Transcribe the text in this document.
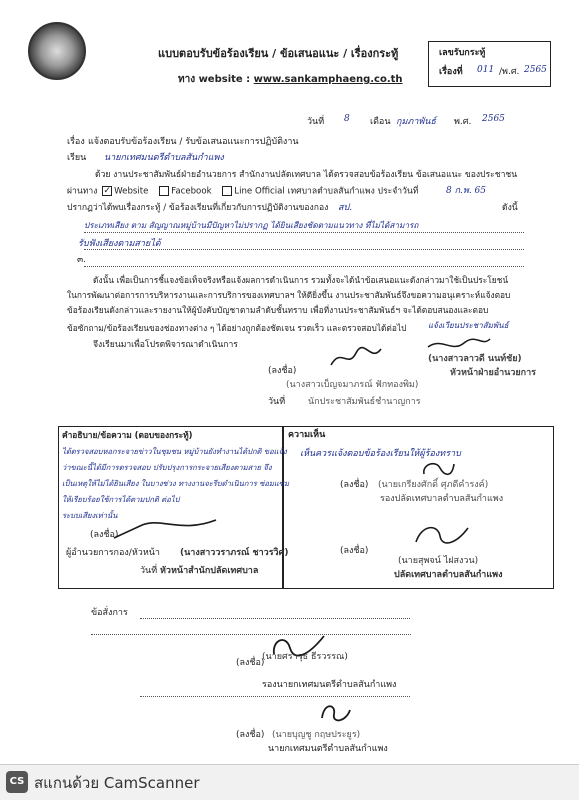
แบบตอบรับข้อร้องเรียน / ข้อเสนอแนะ / เรื่องกระทู้
ทาง website : www.sankamphaeng.co.th
เลขรับกระทู้
เรื่องที่ 011 /พ.ศ. 2565
วันที่ 8 เดือน กุมภาพันธ์ พ.ศ. 2565
เรื่อง แจ้งตอบรับข้อร้องเรียน / รับข้อเสนอแนะการปฏิบัติงาน
เรียน นายกเทศมนตรีตำบลสันกำแพง
ด้วย งานประชาสัมพันธ์ฝ่ายอำนวยการ สำนักงานปลัดเทศบาล ได้ตรวจสอบข้อร้องเรียน ข้อเสนอแนะ ของประชาชน
ผ่านทาง ✓ Website	Facebook	Line Official เทศบาลตำบลสันกำแพง ประจำวันที่	8 ก.พ. 65
ปรากฏว่าได้พบเรื่องกระทู้ / ข้อร้องเรียนที่เกี่ยวกับการปฏิบัติงานของกอง สป.	ดังนี้
ประเภทเสียง ตาม สัญญาณหมู่บ้านมีปัญหาไม่ปรากฏ ได้ยินเสียงชัดตามแนวทาง ที่ไม่ได้สามารถ
รับฟังเสียงตามสายได้
๓.
ดังนั้น เพื่อเป็นการชี้แจงข้อเท็จจริงหรือแจ้งผลการดำเนินการ รวมทั้งจะได้นำข้อเสนอแนะดังกล่าวมาใช้เป็นประโยชน์
ในการพัฒนาต่อการการบริหารงานและการบริการของเทศบาลฯ ให้ดียิ่งขึ้น งานประชาสัมพันธ์จึงขอความอนุเคราะห์แจ้งตอบ
ข้อร้องเรียนดังกล่าวและรายงานให้ผู้บังคับบัญชาตามลำดับชั้นทราบ เพื่อที่งานประชาสัมพันธ์ฯ จะได้ตอบสนองและตอบ
ข้อซักถาม/ข้อร้องเรียนของช่องทางต่าง ๆ ได้อย่างถูกต้องชัดเจน รวดเร็ว และตรวจสอบได้ต่อไป	แจ้งเวียนประชาสัมพันธ์
จึงเรียนมาเพื่อโปรดพิจารณาดำเนินการ
(ลงชื่อ)
(นางสาวเบ็ญจมาภรณ์ ฟักทองพิม)
วันที่	นักประชาสัมพันธ์ชำนาญการ
(นางสาวลาวดี นนท์ชัย)
หัวหน้าฝ่ายอำนวยการ
คำอธิบาย/ข้อความ (ตอบของกระทู้)
ได้ตรวจสอบหอกระจายข่าวในชุมชน หมู่บ้านยังทำงานได้ปกติ ขอแจ้ง
ว่าขณะนี้ได้มีการตรวจสอบ ปรับปรุงการกระจายเสียงตามสาย จึง
เป็นเหตุให้ไม่ได้ยินเสียง ในบางช่วง ทางงานจะรีบดำเนินการ ซ่อมแซม
ให้เรียบร้อยใช้การได้ตามปกติ ต่อไป
ระบบเสียงเท่านั้น
(ลงชื่อ)
ผู้อำนวยการกอง/หัวหน้า (นางสาววราภรณ์ ชาวรวิศ)
วันที่ หัวหน้าสำนักปลัดเทศบาล
ความเห็น
เห็นควรแจ้งตอบข้อร้องเรียนให้ผู้ร้องทราบ
(ลงชื่อ) (นายเกรียงศักดิ์ ศุภดีคำรงค์)
รองปลัดเทศบาลตำบลสันกำแพง
(ลงชื่อ)
(นายสุพจน์ ไฝสงวน)
ปลัดเทศบาลตำบลสันกำแพง
ข้อสั่งการ
(ลงชื่อ)
(นายศราวุธ ธีรวรรณ)
รองนายกเทศมนตรีตำบลสันกำแพง
(ลงชื่อ) (นายบุญชู กฤษประยูร)
นายกเทศมนตรีตำบลสันกำแพง
CS สแกนด้วย CamScanner
